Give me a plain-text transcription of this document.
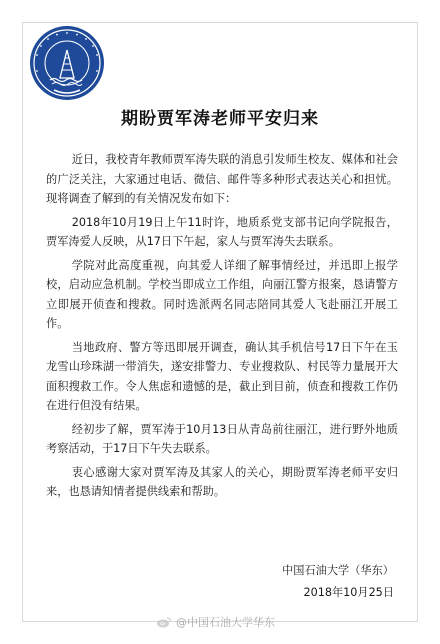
期盼贾军涛老师平安归来

近日，我校青年教师贾军涛失联的消息引发师生校友、媒体和社会的广泛关注，大家通过电话、微信、邮件等多种形式表达关心和担忧。现将调查了解到的有关情况发布如下：

2018年10月19日上午11时许，地质系党支部书记向学院报告，贾军涛爱人反映，从17日下午起，家人与贾军涛失去联系。

学院对此高度重视，向其爱人详细了解事情经过，并迅即上报学校，启动应急机制。学校当即成立工作组，向丽江警方报案，恳请警方立即展开侦查和搜救。同时选派两名同志陪同其爱人飞赴丽江开展工作。

当地政府、警方等迅即展开调查，确认其手机信号17日下午在玉龙雪山珍珠湖一带消失，遂安排警力、专业搜救队、村民等力量展开大面积搜救工作。令人焦虑和遗憾的是，截止到目前，侦查和搜救工作仍在进行但没有结果。

经初步了解，贾军涛于10月13日从青岛前往丽江，进行野外地质考察活动，于17日下午失去联系。

衷心感谢大家对贾军涛及其家人的关心，期盼贾军涛老师平安归来，也恳请知情者提供线索和帮助。

中国石油大学（华东）
2018年10月25日
@中国石油大学华东
